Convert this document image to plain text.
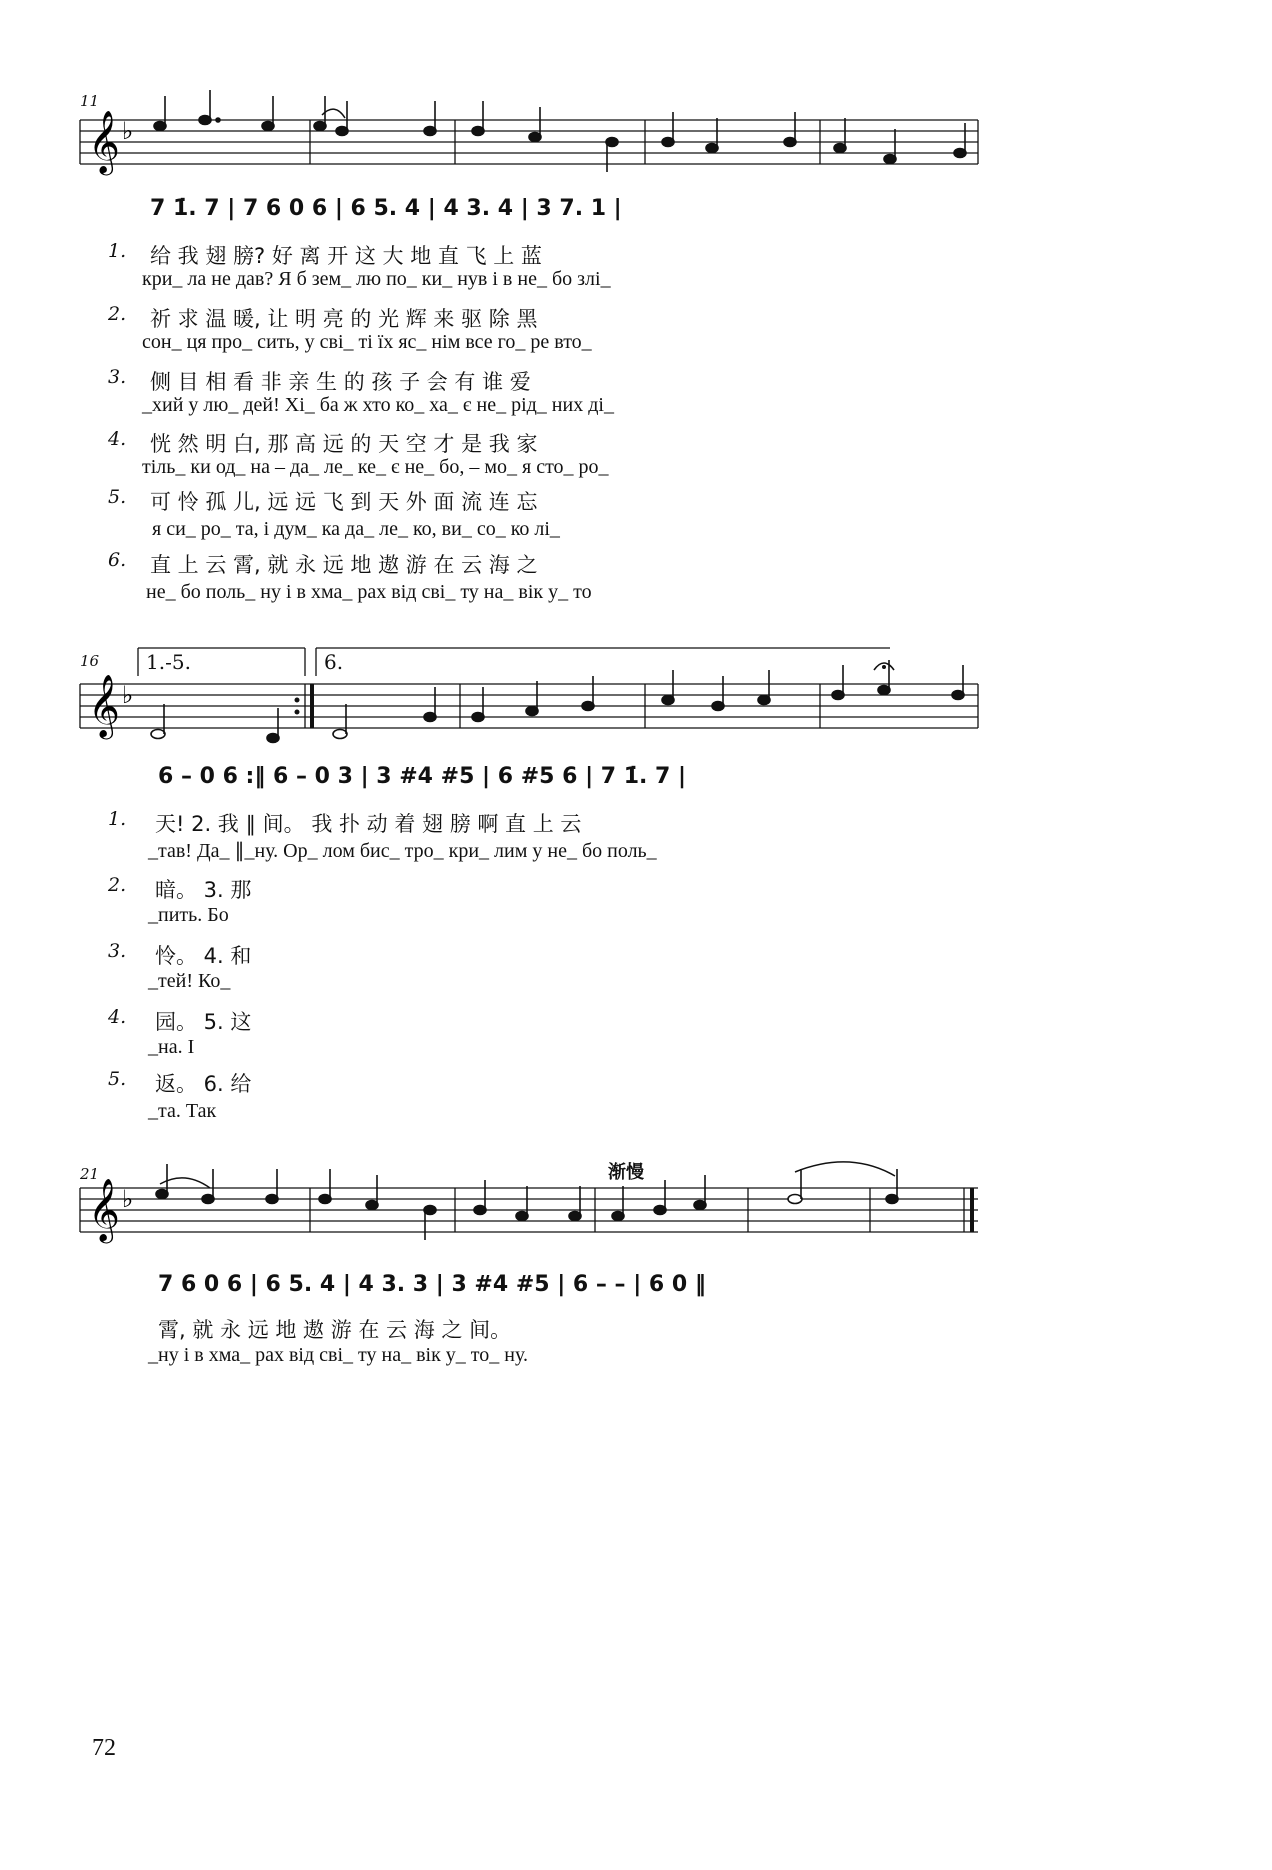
11
𝄞 ♭
7 1̇. 7 | 7 6 0 6 | 6 5. 4 | 4 3. 4 | 3 7. 1 |
1. 给 我 翅 膀? 好 离 开 这 大 地 直 飞 上 蓝
кри_ ла не дав? Я б зем_ лю по_ ки_ нув і в не_ бо злі_
2. 祈 求 温 暖, 让 明 亮 的 光 辉 来 驱 除 黑
сон_ ця про_ сить, у сві_ ті їх яс_ нім все го_ ре вто_
3. 侧 目 相 看 非 亲 生 的 孩 子 会 有 谁 爱
_хий у лю_ дей! Хі_ ба ж хто ко_ ха_ є не_ рід_ них ді_
4. 恍 然 明 白, 那 高 远 的 天 空 才 是 我 家
тіль_ ки од_ на – да_ ле_ ке_ є не_ бо, – мо_ я сто_ ро_
5. 可 怜 孤 儿, 远 远 飞 到 天 外 面 流 连 忘
я си_ ро_ та, і дум_ ка да_ ле_ ко, ви_ со_ ко лі_
6. 直 上 云 霄, 就 永 远 地 遨 游 在 云 海 之
не_ бо поль_ ну і в хма_ рах від сві_ ту на_ вік у_ то
16
𝄞 ♭
1.-5.	6.
6 – 0 6 :‖ 6 – 0 3 | 3 #4 #5 | 6 #5 6 | 7 1̇. 7 |
1. 天! 2. 我 ∥ 间。 我 扑 动 着 翅 膀 啊 直 上 云
_тав! Да_ ∥_ну. Ор_ лом бис_ тро_ кри_ лим у не_ бо поль_
2. 暗。 3. 那
_пить. Бо
3. 怜。 4. 和
_тей! Ко_
4. 园。 5. 这
_на. І
5. 返。 6. 给
_та. Так
21	渐慢
𝄞 ♭
7 6 0 6 | 6 5. 4 | 4 3. 3 | 3 #4 #5 | 6 – – | 6 0 ‖
霄, 就 永 远 地 遨 游 在 云 海 之 间。
_ну і в хма_ рах від сві_ ту на_ вік у_ то_ ну.
72
